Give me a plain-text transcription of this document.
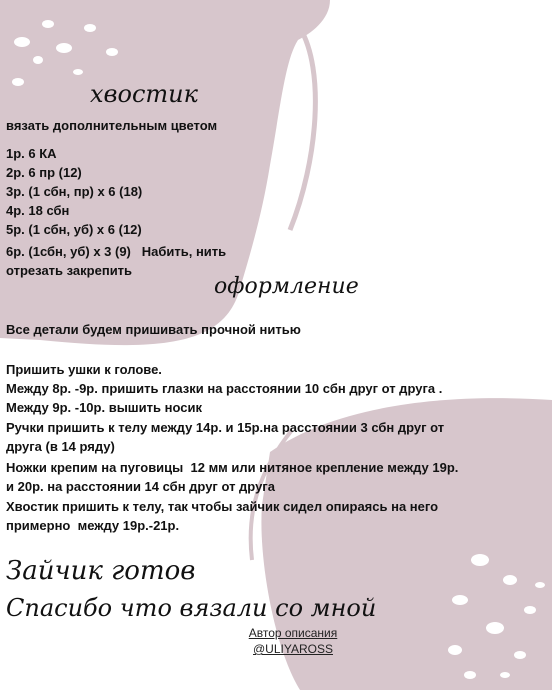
хвостик
вязать дополнительным цветом
1р. 6 КА
2р. 6 пр (12)
3р. (1 сбн, пр) х 6 (18)
4р. 18 сбн
5р. (1 сбн, уб) х 6 (12)
6р. (1сбн, уб) х 3 (9)   Набить, нить
отрезать закрепить
оформление
Все детали будем пришивать прочной нитью
Пришить ушки к голове.
Между 8р. -9р. пришить глазки на расстоянии 10 сбн друг от друга .
Между 9р. -10р. вышить носик
Ручки пришить к телу между 14р. и 15р.на расстоянии 3 сбн друг от
друга (в 14 ряду)
Ножки крепим на пуговицы  12 мм или нитяное крепление между 19р.
и 20р. на расстоянии 14 сбн друг от друга
Хвостик пришить к телу, так чтобы зайчик сидел опираясь на него
примерно  между 19р.-21р.
Зайчик готов
Спасибо что вязали со мной
Автор описания
@ULIYAROSS
